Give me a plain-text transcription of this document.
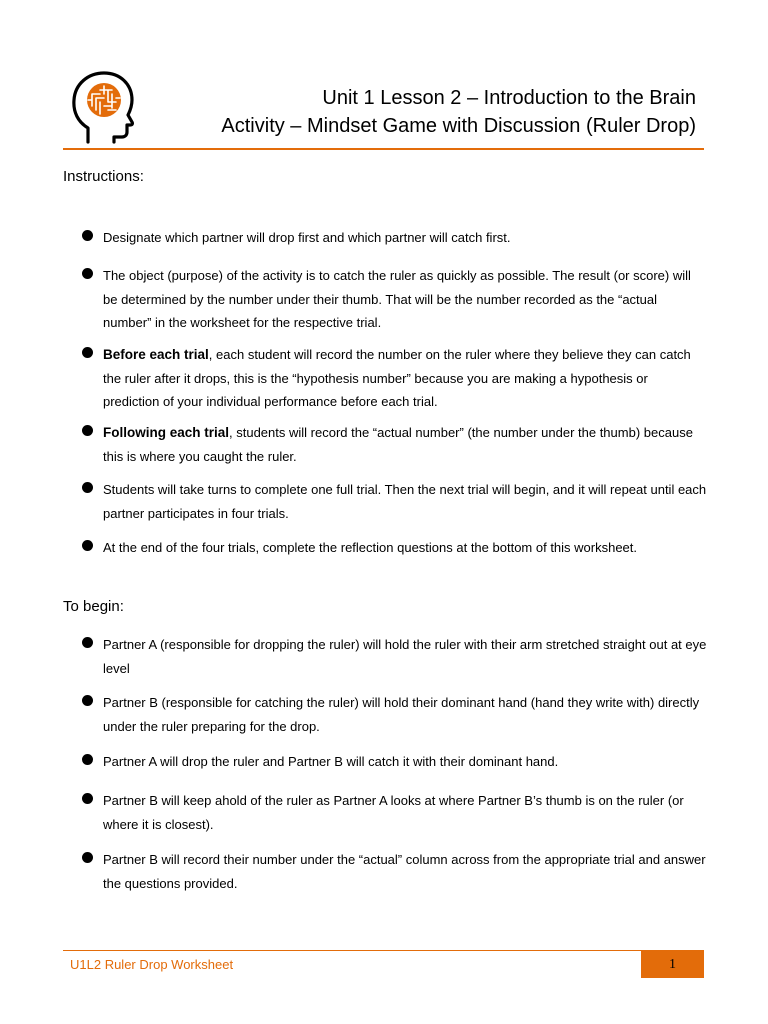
Unit 1 Lesson 2 – Introduction to the Brain
Activity – Mindset Game with Discussion (Ruler Drop)
Instructions:
Designate which partner will drop first and which partner will catch first.
The object (purpose) of the activity is to catch the ruler as quickly as possible. The result (or score) will be determined by the number under their thumb. That will be the number recorded as the “actual number” in the worksheet for the respective trial.
Before each trial, each student will record the number on the ruler where they believe they can catch the ruler after it drops, this is the “hypothesis number” because you are making a hypothesis or prediction of your individual performance before each trial.
Following each trial, students will record the “actual number” (the number under the thumb) because this is where you caught the ruler.
Students will take turns to complete one full trial. Then the next trial will begin, and it will repeat until each partner participates in four trials.
At the end of the four trials, complete the reflection questions at the bottom of this worksheet.
To begin:
Partner A (responsible for dropping the ruler) will hold the ruler with their arm stretched straight out at eye level
Partner B (responsible for catching the ruler) will hold their dominant hand (hand they write with) directly under the ruler preparing for the drop.
Partner A will drop the ruler and Partner B will catch it with their dominant hand.
Partner B will keep ahold of the ruler as Partner A looks at where Partner B’s thumb is on the ruler (or where it is closest).
Partner B will record their number under the “actual” column across from the appropriate trial and answer the questions provided.
U1L2 Ruler Drop Worksheet	1
